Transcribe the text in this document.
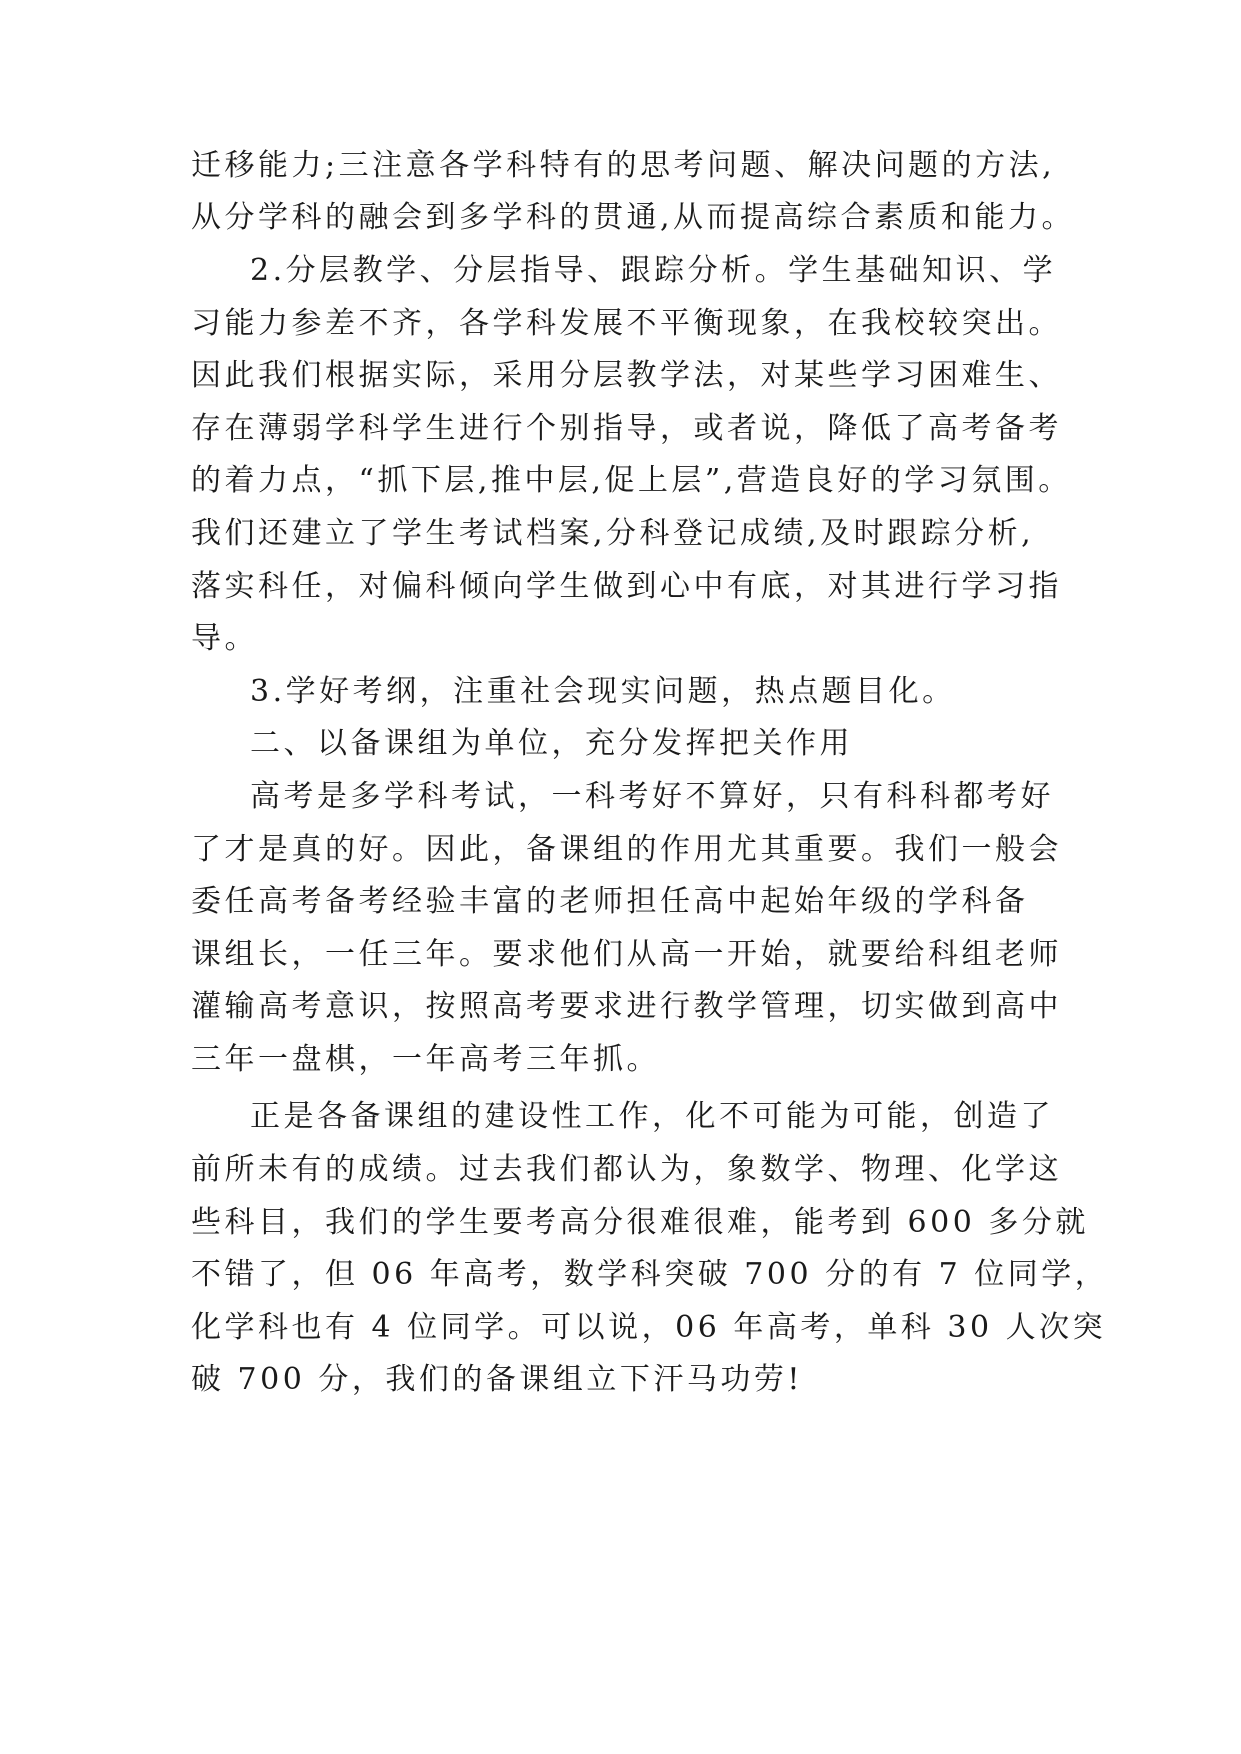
迁移能力;三注意各学科特有的思考问题、解决问题的方法,
从分学科的融会到多学科的贯通,从而提高综合素质和能力。
2.分层教学、分层指导、跟踪分析。学生基础知识、学
习能力参差不齐，各学科发展不平衡现象，在我校较突出。
因此我们根据实际，采用分层教学法，对某些学习困难生、
存在薄弱学科学生进行个别指导，或者说，降低了高考备考
的着力点，“抓下层,推中层,促上层”,营造良好的学习氛围。
我们还建立了学生考试档案,分科登记成绩,及时跟踪分析,
落实科任，对偏科倾向学生做到心中有底，对其进行学习指
导。
3.学好考纲，注重社会现实问题，热点题目化。
二、以备课组为单位，充分发挥把关作用
高考是多学科考试，一科考好不算好，只有科科都考好
了才是真的好。因此，备课组的作用尤其重要。我们一般会
委任高考备考经验丰富的老师担任高中起始年级的学科备
课组长，一任三年。要求他们从高一开始，就要给科组老师
灌输高考意识，按照高考要求进行教学管理，切实做到高中
三年一盘棋，一年高考三年抓。
正是各备课组的建设性工作，化不可能为可能，创造了
前所未有的成绩。过去我们都认为，象数学、物理、化学这
些科目，我们的学生要考高分很难很难，能考到 600 多分就
不错了，但 06 年高考，数学科突破 700 分的有 7 位同学，
化学科也有 4 位同学。可以说，06 年高考，单科 30 人次突
破 700 分，我们的备课组立下汗马功劳!
